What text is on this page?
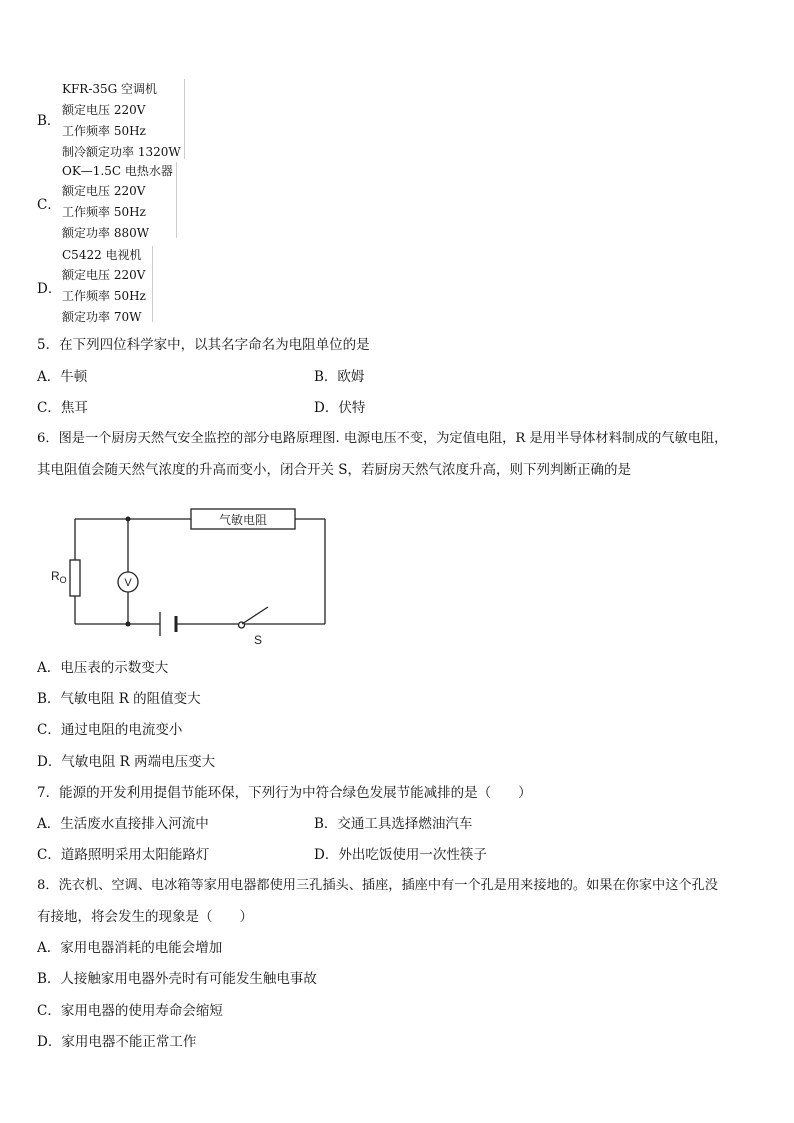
B．
KFR-35G 空调机
额定电压 220V
工作频率 50Hz
制冷额定功率 1320W
C．
OK—1.5C 电热水器
额定电压 220V
工作频率 50Hz
额定功率 880W
D．
C5422 电视机
额定电压 220V
工作频率 50Hz
额定功率 70W
5．在下列四位科学家中，以其名字命名为电阻单位的是
A．牛顿	B．欧姆
C．焦耳	D．伏特
6．图是一个厨房天然气安全监控的部分电路原理图. 电源电压不变，为定值电阻，R 是用半导体材料制成的气敏电阻，
其电阻值会随天然气浓度的升高而变小，闭合开关 S，若厨房天然气浓度升高，则下列判断正确的是
气敏电阻
$R_O$	V
S
A．电压表的示数变大
B．气敏电阻 R 的阻值变大
C．通过电阻的电流变小
D．气敏电阻 R 两端电压变大
7．能源的开发利用提倡节能环保，下列行为中符合绿色发展节能减排的是（　　）
A．生活废水直接排入河流中	B．交通工具选择燃油汽车
C．道路照明采用太阳能路灯	D．外出吃饭使用一次性筷子
8．洗衣机、空调、电冰箱等家用电器都使用三孔插头、插座，插座中有一个孔是用来接地的。如果在你家中这个孔没
有接地，将会发生的现象是（　　）
A．家用电器消耗的电能会增加
B．人接触家用电器外壳时有可能发生触电事故
C．家用电器的使用寿命会缩短
D．家用电器不能正常工作
